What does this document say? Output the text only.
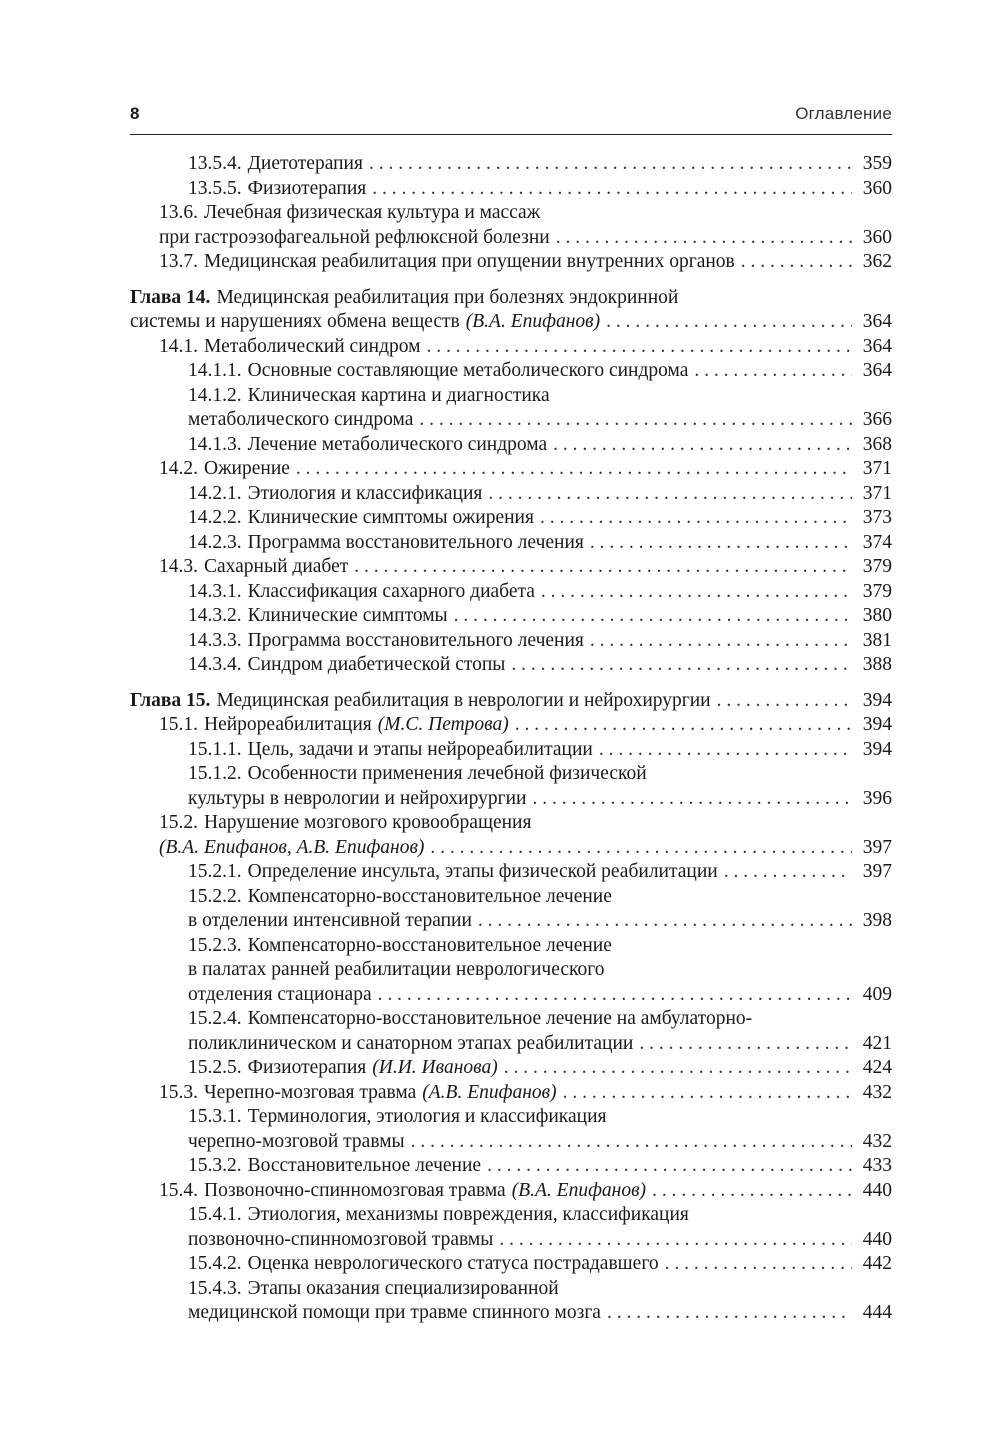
8	Оглавление
13.5.4. Диетотерапия . . .	359
13.5.5. Физиотерапия . . .	360
13.6. Лечебная физическая культура и массаж
при гастроэзофагеальной рефлюксной болезни . . .	360
13.7. Медицинская реабилитация при опущении внутренних органов . . .	362
Глава 14. Медицинская реабилитация при болезнях эндокринной
системы и нарушениях обмена веществ (В.А. Епифанов) . . .	364
14.1. Метаболический синдром . . .	364
14.1.1. Основные составляющие метаболического синдрома . . .	364
14.1.2. Клиническая картина и диагностика
метаболического синдрома . . .	366
14.1.3. Лечение метаболического синдрома . . .	368
14.2. Ожирение . . .	371
14.2.1. Этиология и классификация . . .	371
14.2.2. Клинические симптомы ожирения . . .	373
14.2.3. Программа восстановительного лечения . . .	374
14.3. Сахарный диабет . . .	379
14.3.1. Классификация сахарного диабета . . .	379
14.3.2. Клинические симптомы . . .	380
14.3.3. Программа восстановительного лечения . . .	381
14.3.4. Синдром диабетической стопы . . .	388
Глава 15. Медицинская реабилитация в неврологии и нейрохирургии . . .	394
15.1. Нейрореабилитация (М.С. Петрова) . . .	394
15.1.1. Цель, задачи и этапы нейрореабилитации . . .	394
15.1.2. Особенности применения лечебной физической
культуры в неврологии и нейрохирургии . . .	396
15.2. Нарушение мозгового кровообращения
(В.А. Епифанов, А.В. Епифанов) . . .	397
15.2.1. Определение инсульта, этапы физической реабилитации . . .	397
15.2.2. Компенсаторно-восстановительное лечение
в отделении интенсивной терапии . . .	398
15.2.3. Компенсаторно-восстановительное лечение
в палатах ранней реабилитации неврологического
отделения стационара . . .	409
15.2.4. Компенсаторно-восстановительное лечение на амбулаторно-
поликлиническом и санаторном этапах реабилитации . . .	421
15.2.5. Физиотерапия (И.И. Иванова) . . .	424
15.3. Черепно-мозговая травма (А.В. Епифанов) . . .	432
15.3.1. Терминология, этиология и классификация
черепно-мозговой травмы . . .	432
15.3.2. Восстановительное лечение . . .	433
15.4. Позвоночно-спинномозговая травма (В.А. Епифанов) . . .	440
15.4.1. Этиология, механизмы повреждения, классификация
позвоночно-спинномозговой травмы . . .	440
15.4.2. Оценка неврологического статуса пострадавшего . . .	442
15.4.3. Этапы оказания специализированной
медицинской помощи при травме спинного мозга . . .	444
